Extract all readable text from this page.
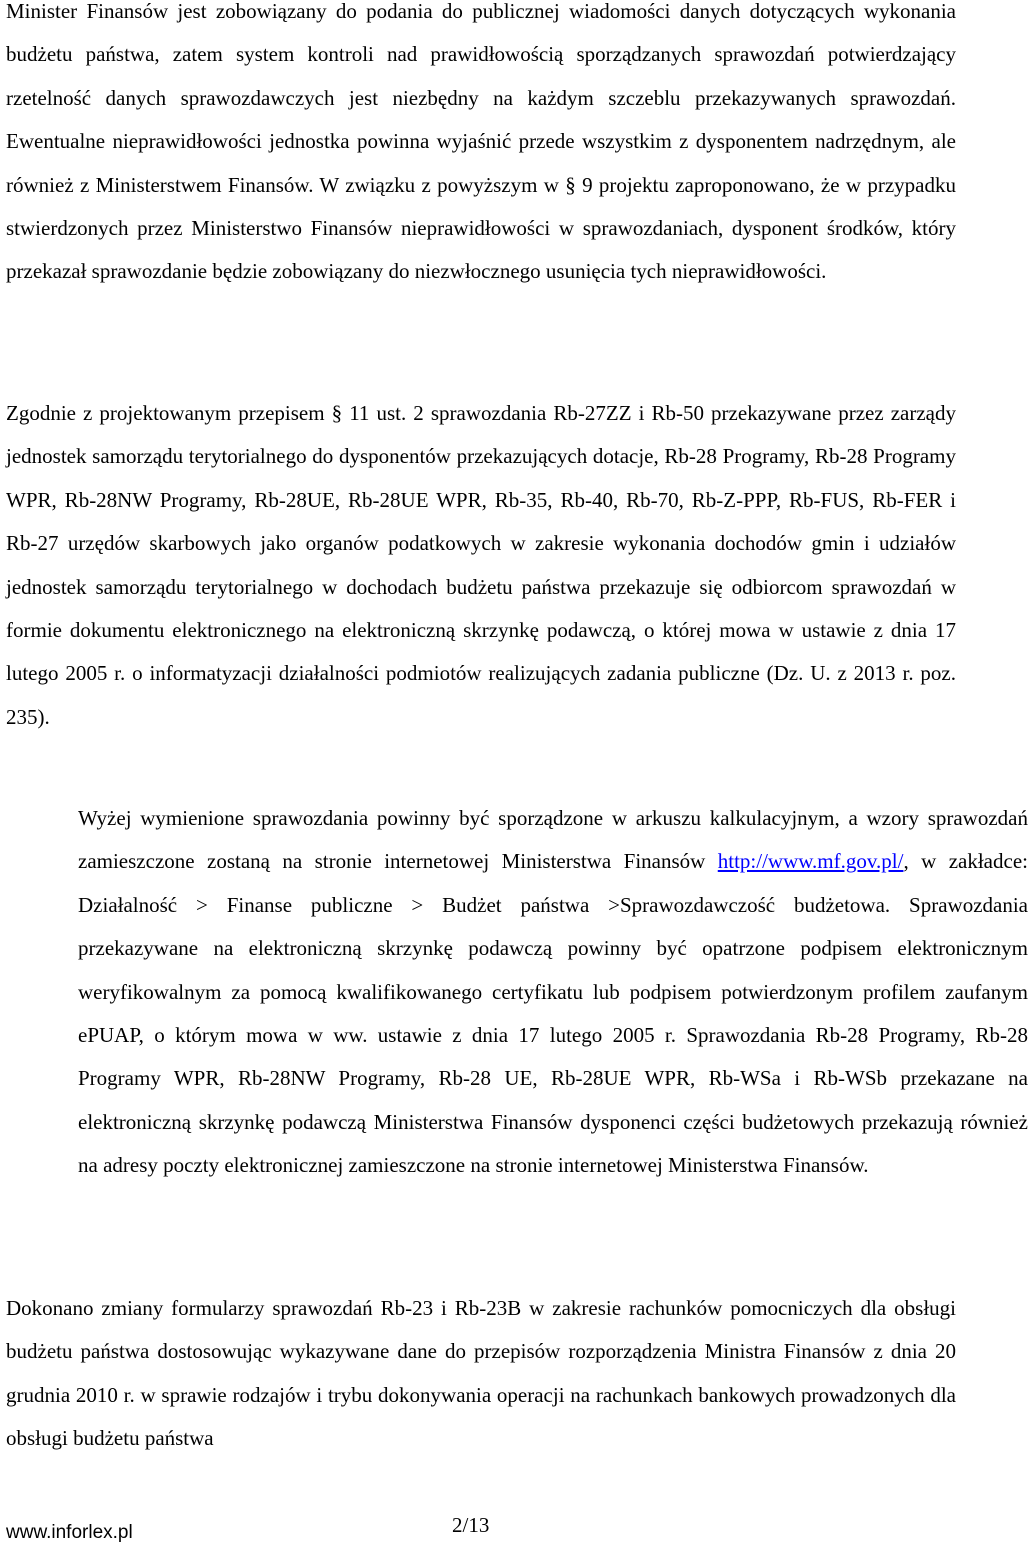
Minister Finansów jest zobowiązany do podania do publicznej wiadomości danych dotyczących wykonania budżetu państwa, zatem system kontroli nad prawidłowością sporządzanych sprawozdań potwierdzający rzetelność danych sprawozdawczych jest niezbędny na każdym szczeblu przekazywanych sprawozdań. Ewentualne nieprawidłowości jednostka powinna wyjaśnić przede wszystkim z dysponentem nadrzędnym, ale również z Ministerstwem Finansów. W związku z powyższym w § 9 projektu zaproponowano, że w przypadku stwierdzonych przez Ministerstwo Finansów nieprawidłowości w sprawozdaniach, dysponent środków, który przekazał sprawozdanie będzie zobowiązany do niezwłocznego usunięcia tych nieprawidłowości.

Zgodnie z projektowanym przepisem § 11 ust. 2 sprawozdania Rb-27ZZ i Rb-50 przekazywane przez zarządy jednostek samorządu terytorialnego do dysponentów przekazujących dotacje, Rb-28 Programy, Rb-28 Programy WPR, Rb-28NW Programy, Rb-28UE, Rb-28UE WPR, Rb-35, Rb-40, Rb-70, Rb-Z-PPP, Rb-FUS, Rb-FER i Rb-27 urzędów skarbowych jako organów podatkowych w zakresie wykonania dochodów gmin i udziałów jednostek samorządu terytorialnego w dochodach budżetu państwa przekazuje się odbiorcom sprawozdań w formie dokumentu elektronicznego na elektroniczną skrzynkę podawczą, o której mowa w ustawie z dnia 17 lutego 2005 r. o informatyzacji działalności podmiotów realizujących zadania publiczne (Dz. U. z 2013 r. poz. 235).

Wyżej wymienione sprawozdania powinny być sporządzone w arkuszu kalkulacyjnym, a wzory sprawozdań zamieszczone zostaną na stronie internetowej Ministerstwa Finansów http://www.mf.gov.pl/, w zakładce: Działalność > Finanse publiczne > Budżet państwa >Sprawozdawczość budżetowa. Sprawozdania przekazywane na elektroniczną skrzynkę podawczą powinny być opatrzone podpisem elektronicznym weryfikowalnym za pomocą kwalifikowanego certyfikatu lub podpisem potwierdzonym profilem zaufanym ePUAP, o którym mowa w ww. ustawie z dnia 17 lutego 2005 r. Sprawozdania Rb-28 Programy, Rb-28 Programy WPR, Rb-28NW Programy, Rb-28 UE, Rb-28UE WPR, Rb-WSa i Rb-WSb przekazane na elektroniczną skrzynkę podawczą Ministerstwa Finansów dysponenci części budżetowych przekazują również na adresy poczty elektronicznej zamieszczone na stronie internetowej Ministerstwa Finansów.

Dokonano zmiany formularzy sprawozdań Rb-23 i Rb-23B w zakresie rachunków pomocniczych dla obsługi budżetu państwa dostosowując wykazywane dane do przepisów rozporządzenia Ministra Finansów z dnia 20 grudnia 2010 r. w sprawie rodzajów i trybu dokonywania operacji na rachunkach bankowych prowadzonych dla obsługi budżetu państwa

www.inforlex.pl	2/13
